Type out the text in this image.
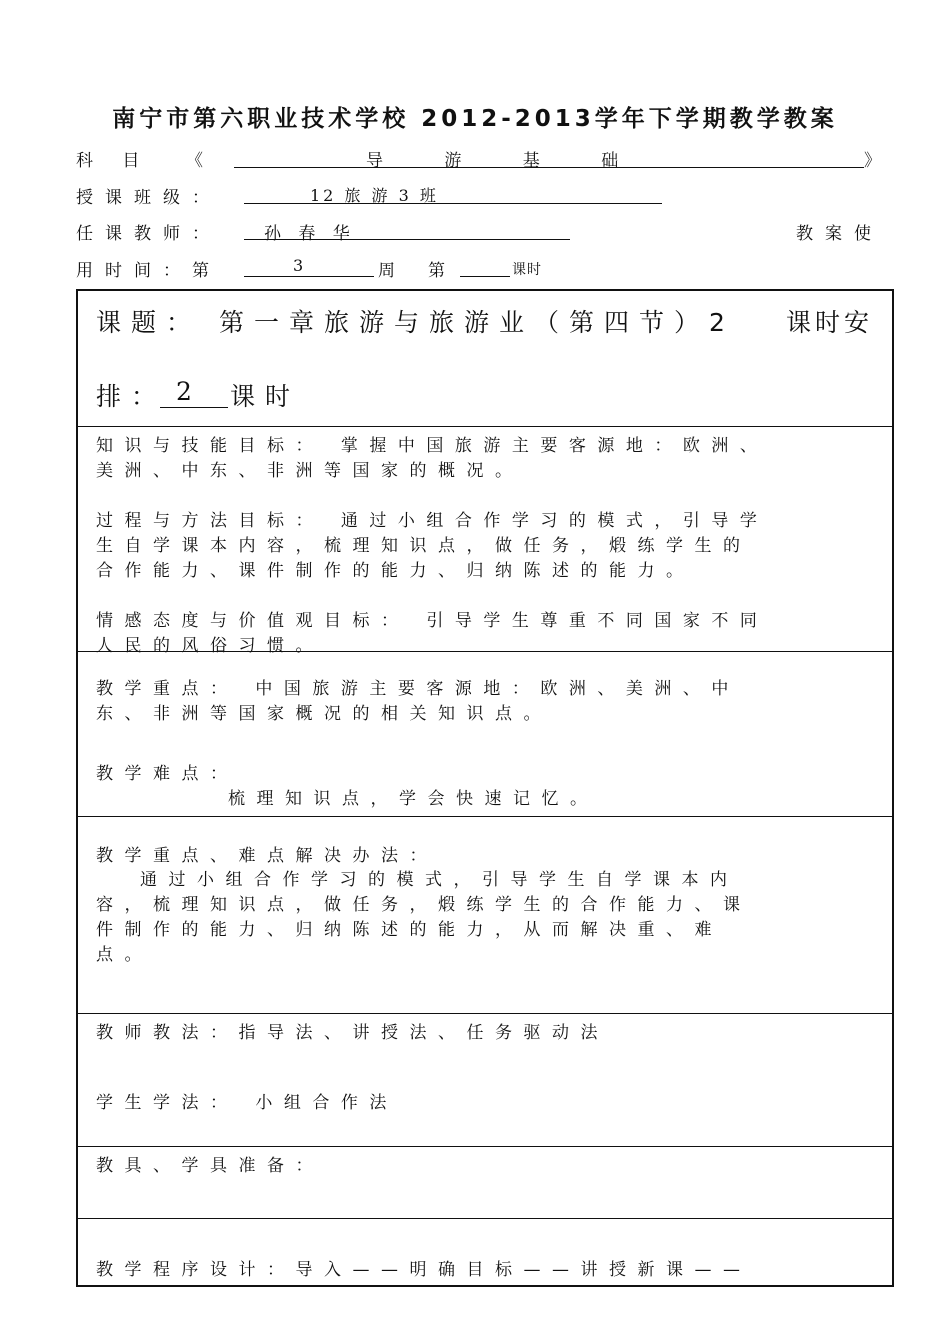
南宁市第六职业技术学校 2012-2013学年下学期教学教案
科 目 《	导 游 基 础	》
授课班级：	12 旅 游 3 班
任课教师：	孙 春 华	教案使
用时间：第	3	周 第	课时
课题： 第一章旅游与旅游业（第四节）2 课时安
排： 2 课时
知识与技能目标： 掌握中国旅游主要客源地：欧洲、
美洲、中东、非洲等国家的概况。
过程与方法目标： 通过小组合作学习的模式，引导学
生自学课本内容，梳理知识点，做任务，煅练学生的
合作能力、课件制作的能力、归纳陈述的能力。
情感态度与价值观目标： 引导学生尊重不同国家不同
人民的风俗习惯。
教学重点： 中国旅游主要客源地：欧洲、美洲、中
东、非洲等国家概况的相关知识点。
教学难点：
梳理知识点，学会快速记忆。
教学重点、难点解决办法：
通过小组合作学习的模式，引导学生自学课本内
容，梳理知识点，做任务，煅练学生的合作能力、课
件制作的能力、归纳陈述的能力，从而解决重、难
点。
教师教法：指导法、讲授法、任务驱动法
学生学法： 小组合作法
教具、学具准备：
教学程序设计：导入——明确目标——讲授新课——
